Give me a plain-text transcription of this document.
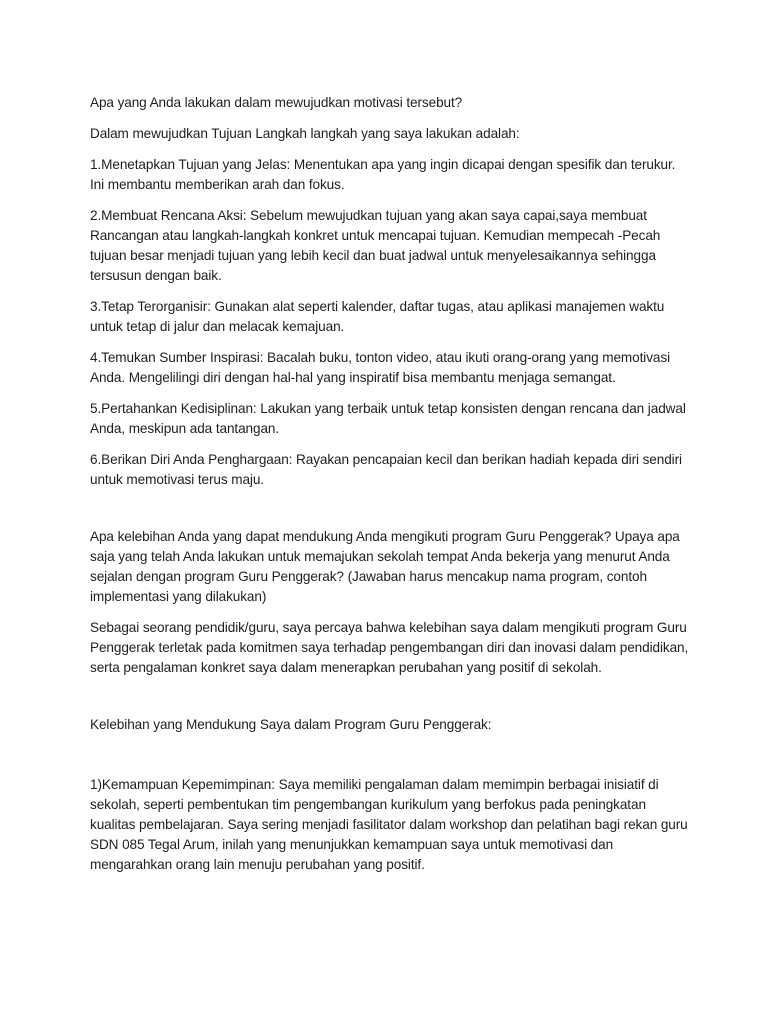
Apa yang Anda lakukan dalam mewujudkan motivasi tersebut?

Dalam mewujudkan Tujuan Langkah langkah yang saya lakukan adalah:

1.Menetapkan Tujuan yang Jelas: Menentukan apa yang ingin dicapai dengan spesifik dan terukur. Ini membantu memberikan arah dan fokus.

2.Membuat Rencana Aksi: Sebelum mewujudkan tujuan yang akan saya capai,saya membuat Rancangan atau langkah-langkah konkret untuk mencapai tujuan. Kemudian mempecah -Pecah tujuan besar menjadi tujuan yang lebih kecil dan buat jadwal untuk menyelesaikannya sehingga tersusun dengan baik.

3.Tetap Terorganisir: Gunakan alat seperti kalender, daftar tugas, atau aplikasi manajemen waktu untuk tetap di jalur dan melacak kemajuan.

4.Temukan Sumber Inspirasi: Bacalah buku, tonton video, atau ikuti orang-orang yang memotivasi Anda. Mengelilingi diri dengan hal-hal yang inspiratif bisa membantu menjaga semangat.

5.Pertahankan Kedisiplinan: Lakukan yang terbaik untuk tetap konsisten dengan rencana dan jadwal Anda, meskipun ada tantangan.

6.Berikan Diri Anda Penghargaan: Rayakan pencapaian kecil dan berikan hadiah kepada diri sendiri untuk memotivasi terus maju.

Apa kelebihan Anda yang dapat mendukung Anda mengikuti program Guru Penggerak? Upaya apa saja yang telah Anda lakukan untuk memajukan sekolah tempat Anda bekerja yang menurut Anda sejalan dengan program Guru Penggerak? (Jawaban harus mencakup nama program, contoh implementasi yang dilakukan)

Sebagai seorang pendidik/guru, saya percaya bahwa kelebihan saya dalam mengikuti program Guru Penggerak terletak pada komitmen saya terhadap pengembangan diri dan inovasi dalam pendidikan, serta pengalaman konkret saya dalam menerapkan perubahan yang positif di sekolah.

Kelebihan yang Mendukung Saya dalam Program Guru Penggerak:

1)Kemampuan Kepemimpinan: Saya memiliki pengalaman dalam memimpin berbagai inisiatif di sekolah, seperti pembentukan tim pengembangan kurikulum yang berfokus pada peningkatan kualitas pembelajaran. Saya sering menjadi fasilitator dalam workshop dan pelatihan bagi rekan guru SDN 085 Tegal Arum, inilah yang menunjukkan kemampuan saya untuk memotivasi dan mengarahkan orang lain menuju perubahan yang positif.
